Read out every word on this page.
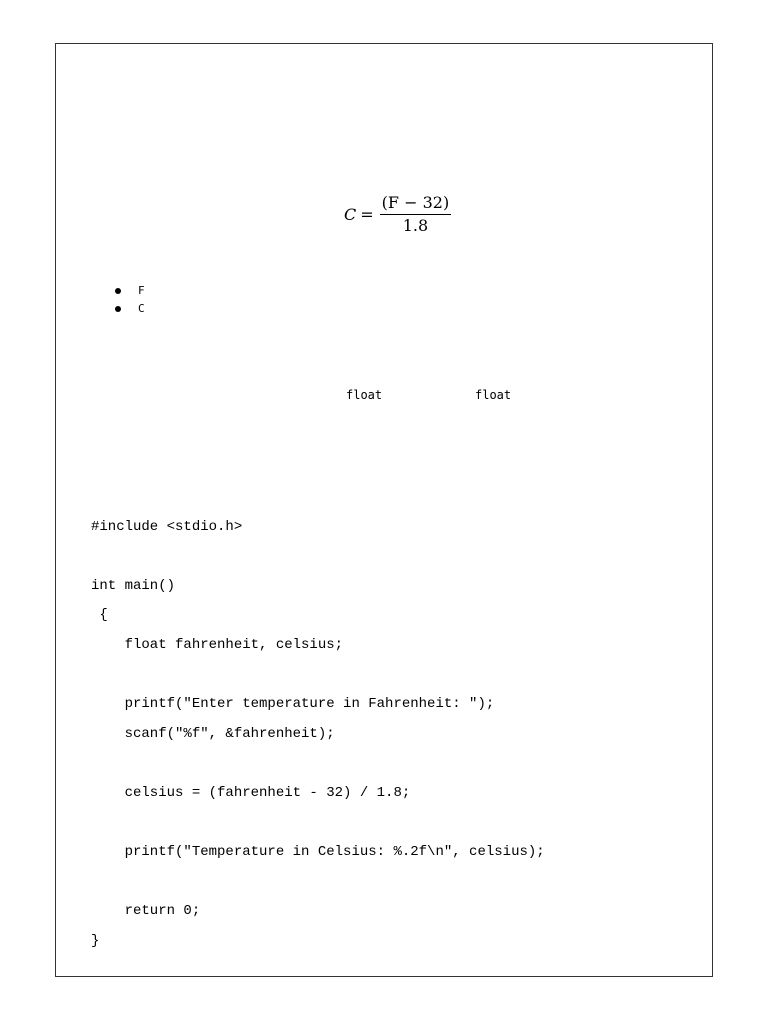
$C = \frac{(F - 32)}{1.8}$
F
C
float	float
#include <stdio.h>
int main()
{
float fahrenheit, celsius;
printf("Enter temperature in Fahrenheit: ");
scanf("%f", &fahrenheit);
celsius = (fahrenheit - 32) / 1.8;
printf("Temperature in Celsius: %.2f\n", celsius);
return 0;
}
